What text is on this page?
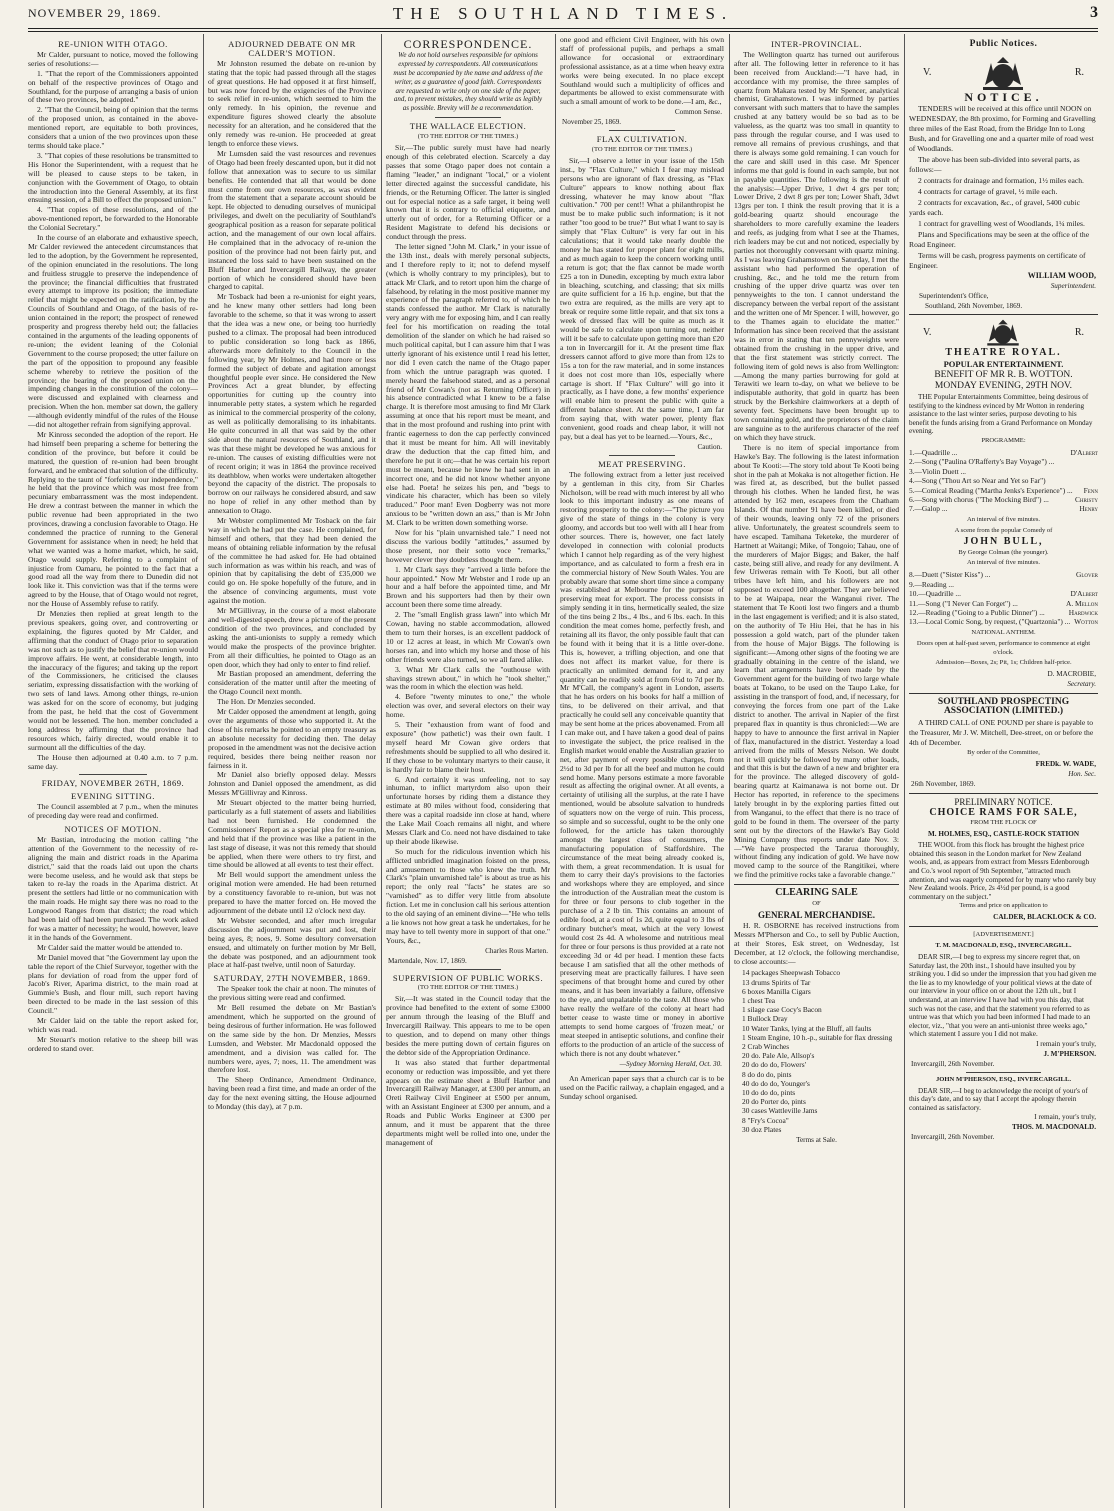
NOVEMBER 29, 1869.	THE SOUTHLAND TIMES.	3
RE-UNION WITH OTAGO.

Mr Calder, pursuant to notice, moved the following series of resolutions:—

1. "That the report of the Commissioners appointed on behalf of the respective provinces of Otago and Southland, for the purpose of arranging a basis of union of these two provinces, be adopted."

2. "That the Council, being of opinion that the terms of the proposed union, as contained in the above-mentioned report, are equitable to both provinces, considers that a union of the two provinces upon these terms should take place."

3. "That copies of these resolutions be transmitted to His Honor the Superintendent, with a request that he will be pleased to cause steps to be taken, in conjunction with the Government of Otago, to obtain the introduction into the General Assembly, at its first ensuing session, of a Bill to effect the proposed union."

4. "That copies of these resolutions, and of the above-mentioned report, be forwarded to the Honorable the Colonial Secretary."

In the course of an elaborate and exhaustive speech, Mr Calder reviewed the antecedent circumstances that led to the adoption, by the Government he represented, of the opinion enunciated in the resolutions. The long and fruitless struggle to preserve the independence of the province; the financial difficulties that frustrated every attempt to improve its position; the immediate relief that might be expected on the ratification, by the Councils of Southland and Otago, of the basis of re-union contained in the report; the prospect of renewed prosperity and progress thereby held out; the fallacies contained in the arguments of the leading opponents of re-union; the evident leaning of the Colonial Government to the course proposed; the utter failure on the part of the opposition to propound any feasible scheme whereby to retrieve the position of the province; the bearing of the proposed union on the impending changes in the constitution of the colony—were discussed and explained with clearness and precision. When the hon. member sat down, the gallery—although evidently mindful of the rules of the House—did not altogether refrain from signifying approval.

Mr Kinross seconded the adoption of the report. He had himself been preparing a scheme for bettering the condition of the province, but before it could be matured, the question of re-union had been brought forward, and he embraced that solution of the difficulty. Replying to the taunt of "forfeiting our independence," he held that the province which was most free from pecuniary embarrassment was the most independent. He drew a contrast between the manner in which the public revenue had been appropriated in the two provinces, drawing a conclusion favorable to Otago. He condemned the practice of running to the General Government for assistance when in need; he held that what we wanted was a home market, which, he said, Otago would supply. Referring to a complaint of injustice from Oamaru, he pointed to the fact that a good road all the way from there to Dunedin did not look like it. This conviction was that if the terms were agreed to by the House, that of Otago would not regret, nor the House of Assembly refuse to ratify.

Dr Menzies then replied at great length to the previous speakers, going over, and controverting or explaining, the figures quoted by Mr Calder, and affirming that the conduct of Otago prior to separation was not such as to justify the belief that re-union would improve affairs. He went, at considerable length, into the inaccuracy of the figures; and taking up the report of the Commissioners, he criticised the clauses seriatim, expressing dissatisfaction with the working of two sets of land laws. Among other things, re-union was asked for on the score of economy, but judging from the past, he held that the cost of Government would not be lessened. The hon. member concluded a long address by affirming that the province had resources which, fairly directed, would enable it to surmount all the difficulties of the day.

The House then adjourned at 0.40 a.m. to 7 p.m. same day.

FRIDAY, NOVEMBER 26TH, 1869.
EVENING SITTING.

The Council assembled at 7 p.m., when the minutes of preceding day were read and confirmed.

NOTICES OF MOTION.

Mr Bastian, introducing the motion calling "the attention of the Government to the necessity of re-aligning the main and district roads in the Aparima district," said that the roads laid out upon the charts were become useless, and he would ask that steps be taken to re-lay the roads in the Aparima district. At present the settlers had little or no communication with the main roads. He might say there was no road to the Longwood Ranges from that district; the road which had been laid off had been purchased. The work asked for was a matter of necessity; he would, however, leave it in the hands of the Government.

Mr Calder said the matter would be attended to.

Mr Daniel moved that "the Government lay upon the table the report of the Chief Surveyor, together with the plans for deviation of road from the upper ford of Jacob's River, Aparima district, to the main road at Gummie's Bush, and flour mill, such report having been directed to be made in the last session of this Council."

Mr Calder laid on the table the report asked for, which was read.

Mr Steuart's motion relative to the sheep bill was ordered to stand over.

ADJOURNED DEBATE ON MR CALDER'S MOTION.

Mr Johnston resumed the debate on re-union by stating that the topic had passed through all the stages of great questions. He had opposed it at first himself, but was now forced by the exigencies of the Province to seek relief in re-union, which seemed to him the only remedy. In his opinion, the revenue and expenditure figures showed clearly the absolute necessity for an alteration, and he considered that the only remedy was re-union. He proceeded at great length to enforce these views.

Mr Lumsden said the vast resources and revenues of Otago had been freely descanted upon, but it did not follow that annexation was to secure to us similar benefits. He contended that all that would be done must come from our own resources, as was evident from the statement that a separate account should be kept. He objected to denuding ourselves of municipal privileges, and dwelt on the peculiarity of Southland's geographical position as a reason for separate political action, and the management of our own local affairs. He complained that in the advocacy of re-union the position of the province had not been fairly put, and instanced the loss said to have been sustained on the Bluff Harbor and Invercargill Railway, the greater portion of which he considered should have been charged to capital.

Mr Tosback had been a re-unionist for eight years, and he knew many other settlers had long been favorable to the scheme, so that it was wrong to assert that the idea was a new one, or being too hurriedly pushed to a climax. The proposal had been introduced to public consideration so long back as 1866, afterwards more definitely to the Council in the following year, by Mr Holmes, and had more or less formed the subject of debate and agitation amongst thoughtful people ever since. He considered the New Provinces Act a great blunder, by effecting opportunities for cutting up the country into innumerable petty states, a system which he regarded as inimical to the commercial prosperity of the colony, as well as politically demoralising to its inhabitants. He quite concurred in all that was said by the other side about the natural resources of Southland, and it was that these might be developed he was anxious for re-union. The causes of existing difficulties were not of recent origin; it was in 1864 the province received its deathblow, when works were undertaken altogether beyond the capacity of the district. The proposals to borrow on our railways he considered absurd, and saw no hope of relief in any other method than by annexation to Otago.

Mr Webster complimented Mr Tosback on the fair way in which he had put the case. He complained, for himself and others, that they had been denied the means of obtaining reliable information by the refusal of the committee he had asked for. He had obtained such information as was within his reach, and was of opinion that by capitalising the debt of £35,000 we could go on. He spoke hopefully of the future, and in the absence of convincing arguments, must vote against the motion.

Mr M'Gillivray, in the course of a most elaborate and well-digested speech, drew a picture of the present condition of the two provinces, and concluded by asking the anti-unionists to supply a remedy which would make the prospects of the province brighter. From all their difficulties, he pointed to Otago as an open door, which they had only to enter to find relief.

Mr Bastian proposed an amendment, deferring the consideration of the matter until after the meeting of the Otago Council next month.

The Hon. Dr Menzies seconded.

Mr Calder opposed the amendment at length, going over the arguments of those who supported it. At the close of his remarks he pointed to an empty treasury as an absolute necessity for deciding then. The delay proposed in the amendment was not the decisive action required, besides there being neither reason nor fairness in it.

Mr Daniel also briefly opposed delay. Messrs Johnston and Daniel opposed the amendment, as did Messrs M'Gillivray and Kinross.

Mr Steuart objected to the matter being hurried, particularly as a full statement of assets and liabilities had not been furnished. He condemned the Commissioners' Report as a special plea for re-union, and held that if the province was like a patient in the last stage of disease, it was not this remedy that should be applied, when there were others to try first, and time should be allowed at all events to test their effect.

Mr Bell would support the amendment unless the original motion were amended. He had been returned by a constituency favorable to re-union, but was not prepared to have the matter forced on. He moved the adjournment of the debate until 12 o'clock next day.

Mr Webster seconded, and after much irregular discussion the adjournment was put and lost, their being ayes, 8; noes, 9. Some desultory conversation ensued, and ultimately on further motion by Mr Bell, the debate was postponed, and an adjournment took place at half-past twelve, until noon of Saturday.

SATURDAY, 27TH NOVEMBER, 1869.

The Speaker took the chair at noon. The minutes of the previous sitting were read and confirmed.

Mr Bell resumed the debate on Mr Bastian's amendment, which he supported on the ground of being desirous of further information. He was followed on the same side by the hon. Dr Menzies, Messrs Lumsden, and Webster. Mr Macdonald opposed the amendment, and a division was called for. The numbers were, ayes, 7; noes, 11. The amendment was therefore lost.

The Sheep Ordinance, Amendment Ordinance, having been read a first time, and made an order of the day for the next evening sitting, the House adjourned to Monday (this day), at 7 p.m.

CORRESPONDENCE.
We do not hold ourselves responsible for opinions expressed by correspondents. All communications must be accompanied by the name and address of the writer, as a guarantee of good faith. Correspondents are requested to write only on one side of the paper, and, to prevent mistakes, they should write as legibly as possible. Brevity will be a recommendation.
THE WALLACE ELECTION.
(TO THE EDITOR OF THE TIMES.)

Sir,—The public surely must have had nearly enough of this celebrated election. Scarcely a day passes that some Otago paper does not contain a flaming "leader," an indignant "local," or a violent letter directed against the successful candidate, his friends, or the Returning Officer. The latter is singled out for especial notice as a safe target, it being well known that it is contrary to official etiquette, and utterly out of order, for a Returning Officer or a Resident Magistrate to defend his decisions or conduct through the press.

The letter signed "John M. Clark," in your issue of the 13th inst., deals with merely personal subjects, and I therefore reply to it; not to defend myself (which is wholly contrary to my principles), but to attack Mr Clark, and to retort upon him the charge of falsehood, by relating in the most positive manner my experience of the paragraph referred to, of which he stands confessed the author. Mr Clark is naturally very angry with me for exposing him, and I can really feel for his mortification on reading the total demolition of the slander on which he had raised so much political capital, but I can assure him that I was utterly ignorant of his existence until I read his letter, nor did I even catch the name of the Otago paper from which the untrue paragraph was quoted. I merely heard the falsehood stated, and as a personal friend of Mr Cowan's (not as Returning Officer) in his absence contradicted what I knew to be a false charge. It is therefore most amusing to find Mr Clark assuming at once that his report must be meant, and that in the most profound and rushing into print with frantic eagerness to don the cap perfectly convinced that it must be meant for him. All will inevitably draw the deduction that the cap fitted him, and therefore he put it on;—that he was certain his report must be meant, because he knew he had sent in an incorrect one, and he did not know whether anyone else had. Poeta! he seizes his pen, and "begs to vindicate his character, which has been so vilely traduced." Poor man! Even Dogberry was not more anxious to be "written down an ass," than is Mr John M. Clark to be written down something worse.

Now for his "plain unvarnished tale." I need not discuss the various bodily "attitudes," assumed by those present, nor their sotto voce "remarks," however clever they doubtless thought them.

1. Mr Clark says they "arrived a little before the hour appointed." Now Mr Webster and I rode up an hour and a half before the appointed time, and Mr Brown and his supporters had then by their own account been there some time already.

2. The "small English grass lawn" into which Mr Cowan, having no stable accommodation, allowed them to turn their horses, is an excellent paddock of 10 or 12 acres at least, in which Mr Cowan's own horses ran, and into which my horse and those of his other friends were also turned, so we all fared alike.

3. What Mr Clark calls the "outhouse with shavings strewn about," in which he "took shelter," was the room in which the election was held.

4. Before "twenty minutes to one," the whole election was over, and several electors on their way home.

5. Their "exhaustion from want of food and exposure" (how pathetic!) was their own fault. I myself heard Mr Cowan give orders that refreshments should be supplied to all who desired it. If they chose to be voluntary martyrs to their cause, it is hardly fair to blame their host.

6. And certainly it was unfeeling, not to say inhuman, to inflict martyrdom also upon their unfortunate horses by riding them a distance they estimate at 80 miles without food, considering that there was a capital roadside inn close at hand, where the Lake Mail Coach remains all night, and where Messrs Clark and Co. need not have disdained to take up their abode likewise.

So much for the ridiculous invention which his afflicted unbridled imagination foisted on the press, and amusement to those who knew the truth. Mr Clark's "plain unvarnished tale" is about as true as his report; the only real "facts" he states are so "varnished" as to differ very little from absolute fiction. Let me in conclusion call his serious attention to the old saying of an eminent divine—"He who tells a lie knows not how great a task he undertakes, for he may have to tell twenty more in support of that one." Yours, &c.,

Charles Rous Marten.
Martendale, Nov. 17, 1869.
SUPERVISION OF PUBLIC WORKS.
(TO THE EDITOR OF THE TIMES.)

Sir,—It was stated in the Council today that the province had benefited to the extent of some £3000 per annum through the leasing of the Bluff and Invercargill Railway. This appears to me to be open to question, and to depend on many other things besides the mere putting down of certain figures on the debtor side of the Appropriation Ordinance.

It was also stated that further departmental economy or reduction was impossible, and yet there appears on the estimate sheet a Bluff Harbor and Invercargill Railway Manager, at £300 per annum, an Oreti Railway Civil Engineer at £500 per annum, with an Assistant Engineer at £300 per annum, and a Roads and Public Works Engineer at £300 per annum, and it must be apparent that the three departments might well be rolled into one, under the management of

one good and efficient Civil Engineer, with his own staff of professional pupils, and perhaps a small allowance for occasional or extraordinary professional assistance, as at a time when heavy extra works were being executed. In no place except Southland would such a multiplicity of offices and departments be allowed to exist commensurate with such a small amount of work to be done.—I am, &c.,

Common Sense.
November 25, 1869.
FLAX CULTIVATION.
(TO THE EDITOR OF THE TIMES.)

Sir,—I observe a letter in your issue of the 15th inst., by "Flax Culture," which I fear may mislead persons who are ignorant of flax dressing, as "Flax Culture" appears to know nothing about flax dressing, whatever he may know about "flax cultivation." 700 per cent!! What a philanthropist he must be to make public such information; is it not rather "too good to be true?" But what I want to say is simply that "Flax Culture" is very far out in his calculations; that it would take nearly double the money he has stated for proper plant for eight mills, and as much again to keep the concern working until a return is got; that the flax cannot be made worth £25 a ton in Dunedin, excepting by much extra labor in bleaching, scutching, and classing; that six mills are quite sufficient for a 16 h.p. engine, but that the two extra are required, as the mills are very apt to break or require some little repair, and that six tons a week of dressed flax will be quite as much as it would be safe to calculate upon turning out, neither will it be safe to calculate upon getting more than £20 a ton in Invercargill for it. At the present time flax dressers cannot afford to give more than from 12s to 15s a ton for the raw material, and in some instances it does not cost more than 10s, especially where cartage is short. If "Flax Culture" will go into it practically, as I have done, a few months' experience will enable him to present the public with quite a different balance sheet. At the same time, I am far from saying that, with water power, plenty flax convenient, good roads and cheap labor, it will not pay, but a deal has yet to be learned.—Yours, &c.,

Caution.
MEAT PRESERVING.

The following extract from a letter just received by a gentleman in this city, from Sir Charles Nicholson, will be read with much interest by all who look to this important industry as one means of restoring prosperity to the colony:—"The picture you give of the state of things in the colony is very gloomy, and accords but too well with all I hear from other sources. There is, however, one fact lately developed in connection with colonial products which I cannot help regarding as of the very highest importance, and as calculated to form a fresh era in the commercial history of New South Wales. You are probably aware that some short time since a company was established at Melbourne for the purpose of preserving meat for export. The process consists in simply sending it in tins, hermetically sealed, the size of the tins being 2 lbs., 4 lbs., and 6 lbs. each. In this condition the meat comes home, perfectly fresh, and retaining all its flavor, the only possible fault that can be found with it being that it is a little over-done. This is, however, a trifling objection, and one that does not affect its market value, for there is practically an unlimited demand for it, and any quantity can be readily sold at from 6½d to 7d per lb. Mr M'Call, the company's agent in London, asserts that he has orders on his books for half a million of tins, to be delivered on their arrival, and that practically he could sell any conceivable quantity that may be sent home at the prices abovenamed. From all I can make out, and I have taken a good deal of pains to investigate the subject, the price realised in the English market would enable the Australian grazier to net, after payment of every possible charges, from 2½d to 3d per lb for all the beef and mutton he could send home. Many persons estimate a more favorable result as affecting the original owner. At all events, a certainty of utilising all the surplus, at the rate I have mentioned, would be absolute salvation to hundreds of squatters now on the verge of ruin. This process, so simple and so successful, ought to be the only one followed, for the article has taken thoroughly amongst the largest class of consumers, the manufacturing population of Staffordshire. The circumstance of the meat being already cooked is, with them, a great recommendation. It is usual for them to carry their day's provisions to the factories and workshops where they are employed, and since the introduction of the Australian meat the custom is for three or four persons to club together in the purchase of a 2 lb tin. This contains an amount of edible food, at a cost of 1s 2d, quite equal to 3 lbs of ordinary butcher's meat, which at the very lowest would cost 2s 4d. A wholesome and nutritious meal for three or four persons is thus provided at a rate not exceeding 3d or 4d per head. I mention these facts because I am satisfied that all the other methods of preserving meat are practically failures. I have seen specimens of that brought home and cured by other means, and it has been invariably a failure, offensive to the eye, and unpalatable to the taste. All those who have really the welfare of the colony at heart had better cease to waste time or money in abortive attempts to send home cargoes of 'frozen meat,' or meat steeped in antiseptic solutions, and confine their efforts to the production of an article of the success of which there is not any doubt whatever."

—Sydney Morning Herald, Oct. 30.

An American paper says that a church car is to be used on the Pacific railway, a chaplain engaged, and a Sunday school organised.

INTER-PROVINCIAL.

The Wellington quartz has turned out auriferous after all. The following letter in reference to it has been received from Auckland:—"I have had, in accordance with my promise, the three samples of quartz from Makara tested by Mr Spencer, analytical chemist, Grahamstown. I was informed by parties conversant with such matters that to have the samples crushed at any battery would be so bad as to be valueless, as the quartz was too small in quantity to pass through the regular course, and I was used to remove all remains of previous crushings, and that there is always some gold remaining. I can vouch for the care and skill used in this case. Mr Spencer informs me that gold is found in each sample, but not in payable quantities. The following is the result of the analysis:—Upper Drive, 1 dwt 4 grs per ton; Lower Drive, 2 dwt 8 grs per ton; Lower Shaft, 3dwt 13grs per ton. I think the result proving that it is a gold-bearing quartz should encourage the shareholders to more carefully examine the leaders and reefs, as judging from what I see at the Thames, rich leaders may be cut and not noticed, especially by parties not thoroughly conversant with quartz mining. As I was leaving Grahamstown on Saturday, I met the assistant who had performed the operation of crushing, &c., and he told me the return from crushing of the upper drive quartz was over ten pennyweights to the ton. I cannot understand the discrepancy between the verbal report of the assistant and the written one of Mr Spencer. I will, however, go to the Thames again to elucidate the matter." Information has since been received that the assistant was in error in stating that ten pennyweights were obtained from the crushing in the upper drive, and that the first statement was strictly correct. The following item of gold news is also from Wellington:—Among the many parties burrowing for gold at Terawiti we learn to-day, on what we believe to be indisputable authority, that gold in quartz has been struck by the Berkshire claimworkers at a depth of seventy feet. Specimens have been brought up to town containing gold, and the proprietors of the claim are sanguine as to the auriferous character of the reef on which they have struck.

There is no item of special importance from Hawke's Bay. The following is the latest information about Te Kooti:—The story told about Te Kooti being shot in the pah at Mokaka is not altogether fiction. He was fired at, as described, but the bullet passed through his clothes. When he landed first, he was attended by 162 men, escapees from the Chatham Islands. Of that number 91 have been killed, or died of their wounds, leaving only 72 of the prisoners alive. Unfortunately, the greatest scoundrels seem to have escaped. Tamihana Teketeke, the murderer of Hartnett at Waitangi; Mike, of Tongoio; Tahau, one of the murderers of Major Biggs; and Baker, the half caste, being still alive, and ready for any devilment. A few Uriweras remain with Te Kooti, but all other tribes have left him, and his followers are not supposed to exceed 100 altogether. They are believed to be at Waipapa, near the Wanganui river. The statement that Te Kooti lost two fingers and a thumb in the last engagement is verified; and it is also stated, on the authority of Te Hiu Hei, that he has in his possession a gold watch, part of the plunder taken from the house of Major Biggs. The following is significant:—Among other signs of the footing we are gradually obtaining in the centre of the island, we learn that arrangements have been made by the Government agent for the building of two large whale boats at Tokano, to be used on the Taupo Lake, for assisting in the transport of food, and, if necessary, for conveying the forces from one part of the Lake district to another. The arrival in Napier of the first prepared flax in quantity is thus chronicled:—We are happy to have to announce the first arrival in Napier of flax, manufactured in the district. Yesterday a load arrived from the mills of Messrs Nelson. We doubt not it will quickly be followed by many other loads, and that this is but the dawn of a new and brighter era for the province. The alleged discovery of gold-bearing quartz at Kaimanawa is not borne out. Dr Hector has reported, in reference to the specimens lately brought in by the exploring parties fitted out from Wanganui, to the effect that there is no trace of gold to be found in them. The overseer of the party sent out by the directors of the Hawke's Bay Gold Mining Company thus reports under date Nov. 3:—"We have prospected the Tararua thoroughly, without finding any indication of gold. We have now moved camp to the source of the Rangitikei, where we find the primitive rocks take a favorable change."

CLEARING SALE
OF
GENERAL MERCHANDISE.

H. R. OSBORNE has received instructions from Messrs M'Pherson and Co., to sell by Public Auction, at their Stores, Esk street, on Wednesday, 1st December, at 12 o'clock, the following merchandise, to close accounts:—

14 packages Sheepwash Tobacco
13 drums Spirits of Tar
6 boxes Manilla Cigars
1 chest Tea
1 silage case Cocy's Bacon
1 Bullock Dray
10 Water Tanks, lying at the Bluff, all faults
1 Steam Engine, 10 h.-p., suitable for flax dressing
2 Crab Winches
20 do. Pale Ale, Allsop's
20 do do do, Flowers'
8 do do do, pints
40 do do do, Younger's
10 do do do, pints
20 do Porter do, pints
30 cases Wattleville Jams
8 "Fry's Cocoa"
30 doz Plates
Terms at Sale.
Public Notices.
V.	R.
NOTICE.

TENDERS will be received at this office until NOON on WEDNESDAY, the 8th proximo, for Forming and Gravelling three miles of the East Road, from the Bridge Inn to Long Bush, and for Gravelling one and a quarter mile of road west of Woodlands.

The above has been sub-divided into several parts, as follows:—

2 contracts for drainage and formation, 1½ miles each.

4 contracts for cartage of gravel, ½ mile each.

2 contracts for excavation, &c., of gravel, 5400 cubic yards each.

1 contract for gravelling west of Woodlands, 1¼ miles.

Plans and Specifications may be seen at the office of the Road Engineer.

Terms will be cash, progress payments on certificate of Engineer.

WILLIAM WOOD,
Superintendent.
Superintendent's Office,
Southland, 26th November, 1869.
V.	R.
THEATRE ROYAL.
POPULAR ENTERTAINMENT.
BENEFIT OF MR R. B. WOTTON.
MONDAY EVENING, 29TH NOV.

THE Popular Entertainments Committee, being desirous of testifying to the kindness evinced by Mr Wotton in rendering assistance to the last winter series, purpose devoting to his benefit the funds arising from a Grand Performance on Monday evening.

PROGRAMME:
1.—Quadrille ...	D'Albert
2.—Song ("Paulina O'Rafferty's Bay Voyage") ...
3.—Violin Duett ...
4.—Song ("Thou Art so Near and Yet so Far")
5.—Comical Reading ("Martha Jenks's Experience") ... Fenn
6.—Song with chorus ("The Mocking Bird") ...	Christy
7.—Galop ...	Henry
An interval of five minutes.
A scene from the popular Comedy of
JOHN BULL,
By George Colman (the younger).
An interval of five minutes.
8.—Duett ("Sister Kiss") ...	Glover
9.—Reading ...
10.—Quadrille ...	D'Albert
11.—Song ("I Never Can Forget") ...	A. Mellon
12.—Reading ("Going to a Public Dinner") ...	Hardwick
13.—Local Comic Song, by request, ("Quartzonia") ... Wotton
NATIONAL ANTHEM.
Doors open at half-past seven, performance to commence at eight o'clock.
Admission—Boxes, 2s; Pit, 1s; Children half-price.
D. MACROBIE,
Secretary.
SOUTHLAND PROSPECTING ASSOCIATION (LIMITED.)

A THIRD CALL of ONE POUND per share is payable to the Treasurer, Mr J. W. Mitchell, Dee-street, on or before the 4th of December.

By order of the Committee,
FREDk. W. WADE,
Hon. Sec.
26th November, 1869.
PRELIMINARY NOTICE.
CHOICE RAMS FOR SALE,
FROM THE FLOCK OF
M. HOLMES, ESQ., CASTLE-ROCK STATION

THE WOOL from this flock has brought the highest price obtained this season in the London market for New Zealand wools, and, as appears from extract from Messrs Edenborough and Co.'s wool report of 9th September, "attracted much attention, and was eagerly competed for by many who rarely buy New Zealand wools. Price, 2s 4½d per pound, is a good commentary on the subject."

Terms and price on application to
CALDER, BLACKLOCK & CO.
[ADVERTISEMENT.]
T. M. MACDONALD, ESQ., INVERCARGILL.

DEAR SIR,—I beg to express my sincere regret that, on Saturday last, the 20th inst., I should have insulted you by striking you. I did so under the impression that you had given me the lie as to my knowledge of your political views at the date of our interview in your office on or about the 12th ult., but I understand, at an interview I have had with you this day, that such was not the case, and that the statement you referred to as untrue was that which you had been informed I had made to an elector, viz., "that you were an anti-unionist three weeks ago," which statement I assure you I did not make.

I remain your's truly,
J. M'PHERSON.
Invercargill, 26th November.
JOHN M'PHERSON, ESQ., INVERCARGILL.

DEAR SIR,—I beg to acknowledge the receipt of your's of this day's date, and to say that I accept the apology therein contained as satisfactory.

I remain, your's truly,
THOS. M. MACDONALD.
Invercargill, 26th November.
